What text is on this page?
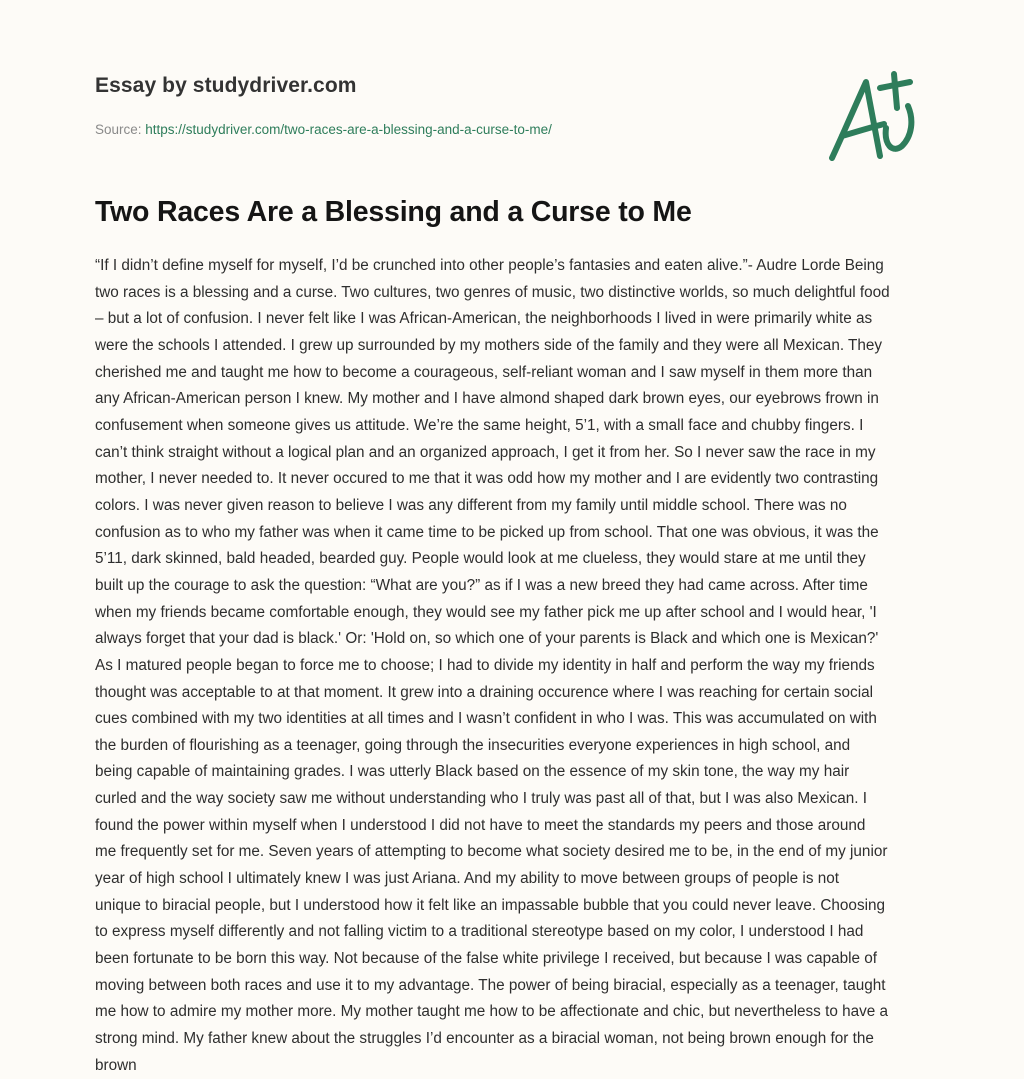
Essay by studydriver.com
Source: https://studydriver.com/two-races-are-a-blessing-and-a-curse-to-me/
Two Races Are a Blessing and a Curse to Me
“If I didn’t define myself for myself, I’d be crunched into other people’s fantasies and eaten alive.”- Audre Lorde Being
two races is a blessing and a curse. Two cultures, two genres of music, two distinctive worlds, so much delightful food
– but a lot of confusion. I never felt like I was African-American, the neighborhoods I lived in were primarily white as
were the schools I attended. I grew up surrounded by my mothers side of the family and they were all Mexican. They
cherished me and taught me how to become a courageous, self-reliant woman and I saw myself in them more than
any African-American person I knew. My mother and I have almond shaped dark brown eyes, our eyebrows frown in
confusement when someone gives us attitude. We’re the same height, 5’1, with a small face and chubby fingers. I
can’t think straight without a logical plan and an organized approach, I get it from her. So I never saw the race in my
mother, I never needed to. It never occured to me that it was odd how my mother and I are evidently two contrasting
colors. I was never given reason to believe I was any different from my family until middle school. There was no
confusion as to who my father was when it came time to be picked up from school. That one was obvious, it was the
5’11, dark skinned, bald headed, bearded guy. People would look at me clueless, they would stare at me until they
built up the courage to ask the question: “What are you?” as if I was a new breed they had came across. After time
when my friends became comfortable enough, they would see my father pick me up after school and I would hear, 'I
always forget that your dad is black.' Or: 'Hold on, so which one of your parents is Black and which one is Mexican?'
As I matured people began to force me to choose; I had to divide my identity in half and perform the way my friends
thought was acceptable to at that moment. It grew into a draining occurence where I was reaching for certain social
cues combined with my two identities at all times and I wasn’t confident in who I was. This was accumulated on with
the burden of flourishing as a teenager, going through the insecurities everyone experiences in high school, and
being capable of maintaining grades. I was utterly Black based on the essence of my skin tone, the way my hair
curled and the way society saw me without understanding who I truly was past all of that, but I was also Mexican. I
found the power within myself when I understood I did not have to meet the standards my peers and those around
me frequently set for me. Seven years of attempting to become what society desired me to be, in the end of my junior
year of high school I ultimately knew I was just Ariana. And my ability to move between groups of people is not
unique to biracial people, but I understood how it felt like an impassable bubble that you could never leave. Choosing
to express myself differently and not falling victim to a traditional stereotype based on my color, I understood I had
been fortunate to be born this way. Not because of the false white privilege I received, but because I was capable of
moving between both races and use it to my advantage. The power of being biracial, especially as a teenager, taught
me how to admire my mother more. My mother taught me how to be affectionate and chic, but nevertheless to have a
strong mind. My father knew about the struggles I’d encounter as a biracial woman, not being brown enough for the
brown
